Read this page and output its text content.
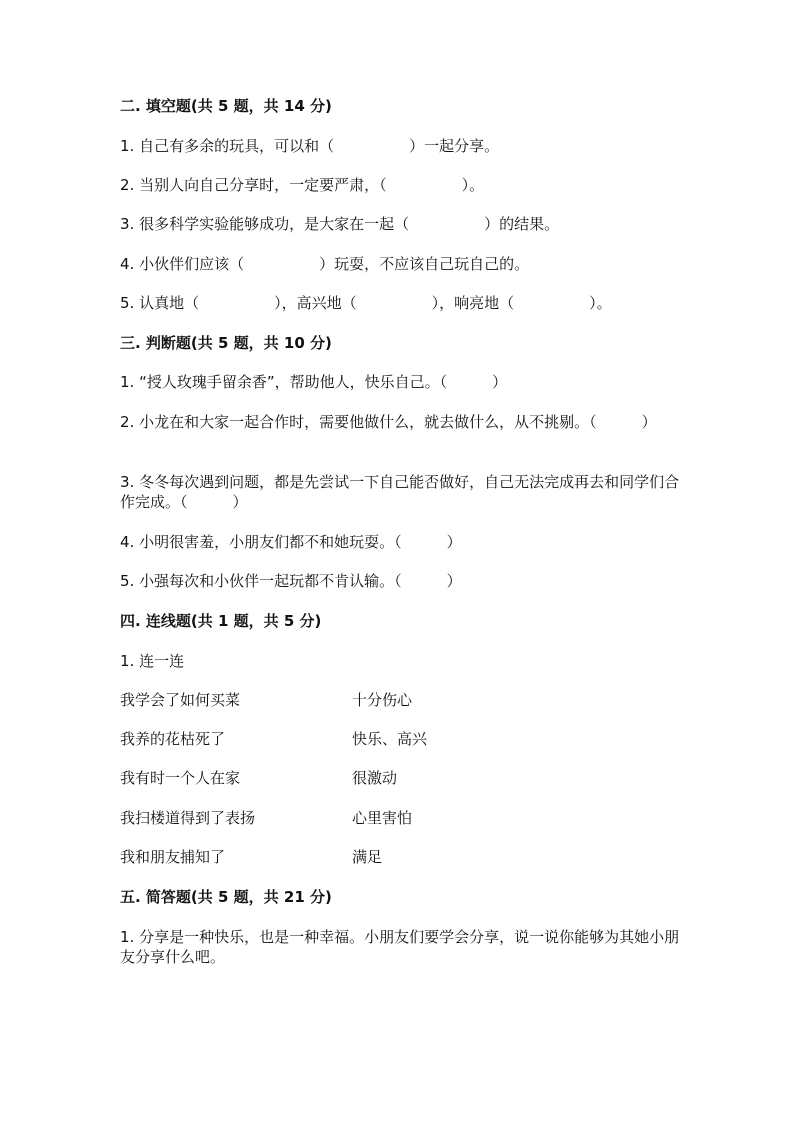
二. 填空题(共 5 题，共 14 分)
1. 自己有多余的玩具，可以和（　　　　　）一起分享。
2. 当别人向自己分享时，一定要严肃，（　　　　　）。
3. 很多科学实验能够成功，是大家在一起（　　　　　）的结果。
4. 小伙伴们应该（　　　　　）玩耍，不应该自己玩自己的。
5. 认真地（　　　　　），高兴地（　　　　　），响亮地（　　　　　）。
三. 判断题(共 5 题，共 10 分)
1. “授人玫瑰手留余香”，帮助他人，快乐自己。（　　　）
2. 小龙在和大家一起合作时，需要他做什么，就去做什么，从不挑剔。（　　　）
3. 冬冬每次遇到问题，都是先尝试一下自己能否做好，自己无法完成再去和同学们合作完成。（　　　）
4. 小明很害羞，小朋友们都不和她玩耍。（　　　）
5. 小强每次和小伙伴一起玩都不肯认输。（　　　）
四. 连线题(共 1 题，共 5 分)
1. 连一连
我学会了如何买菜	十分伤心
我养的花枯死了	快乐、高兴
我有时一个人在家	很激动
我扫楼道得到了表扬	心里害怕
我和朋友捕知了	满足
五. 简答题(共 5 题，共 21 分)
1. 分享是一种快乐，也是一种幸福。小朋友们要学会分享，说一说你能够为其她小朋友分享什么吧。
